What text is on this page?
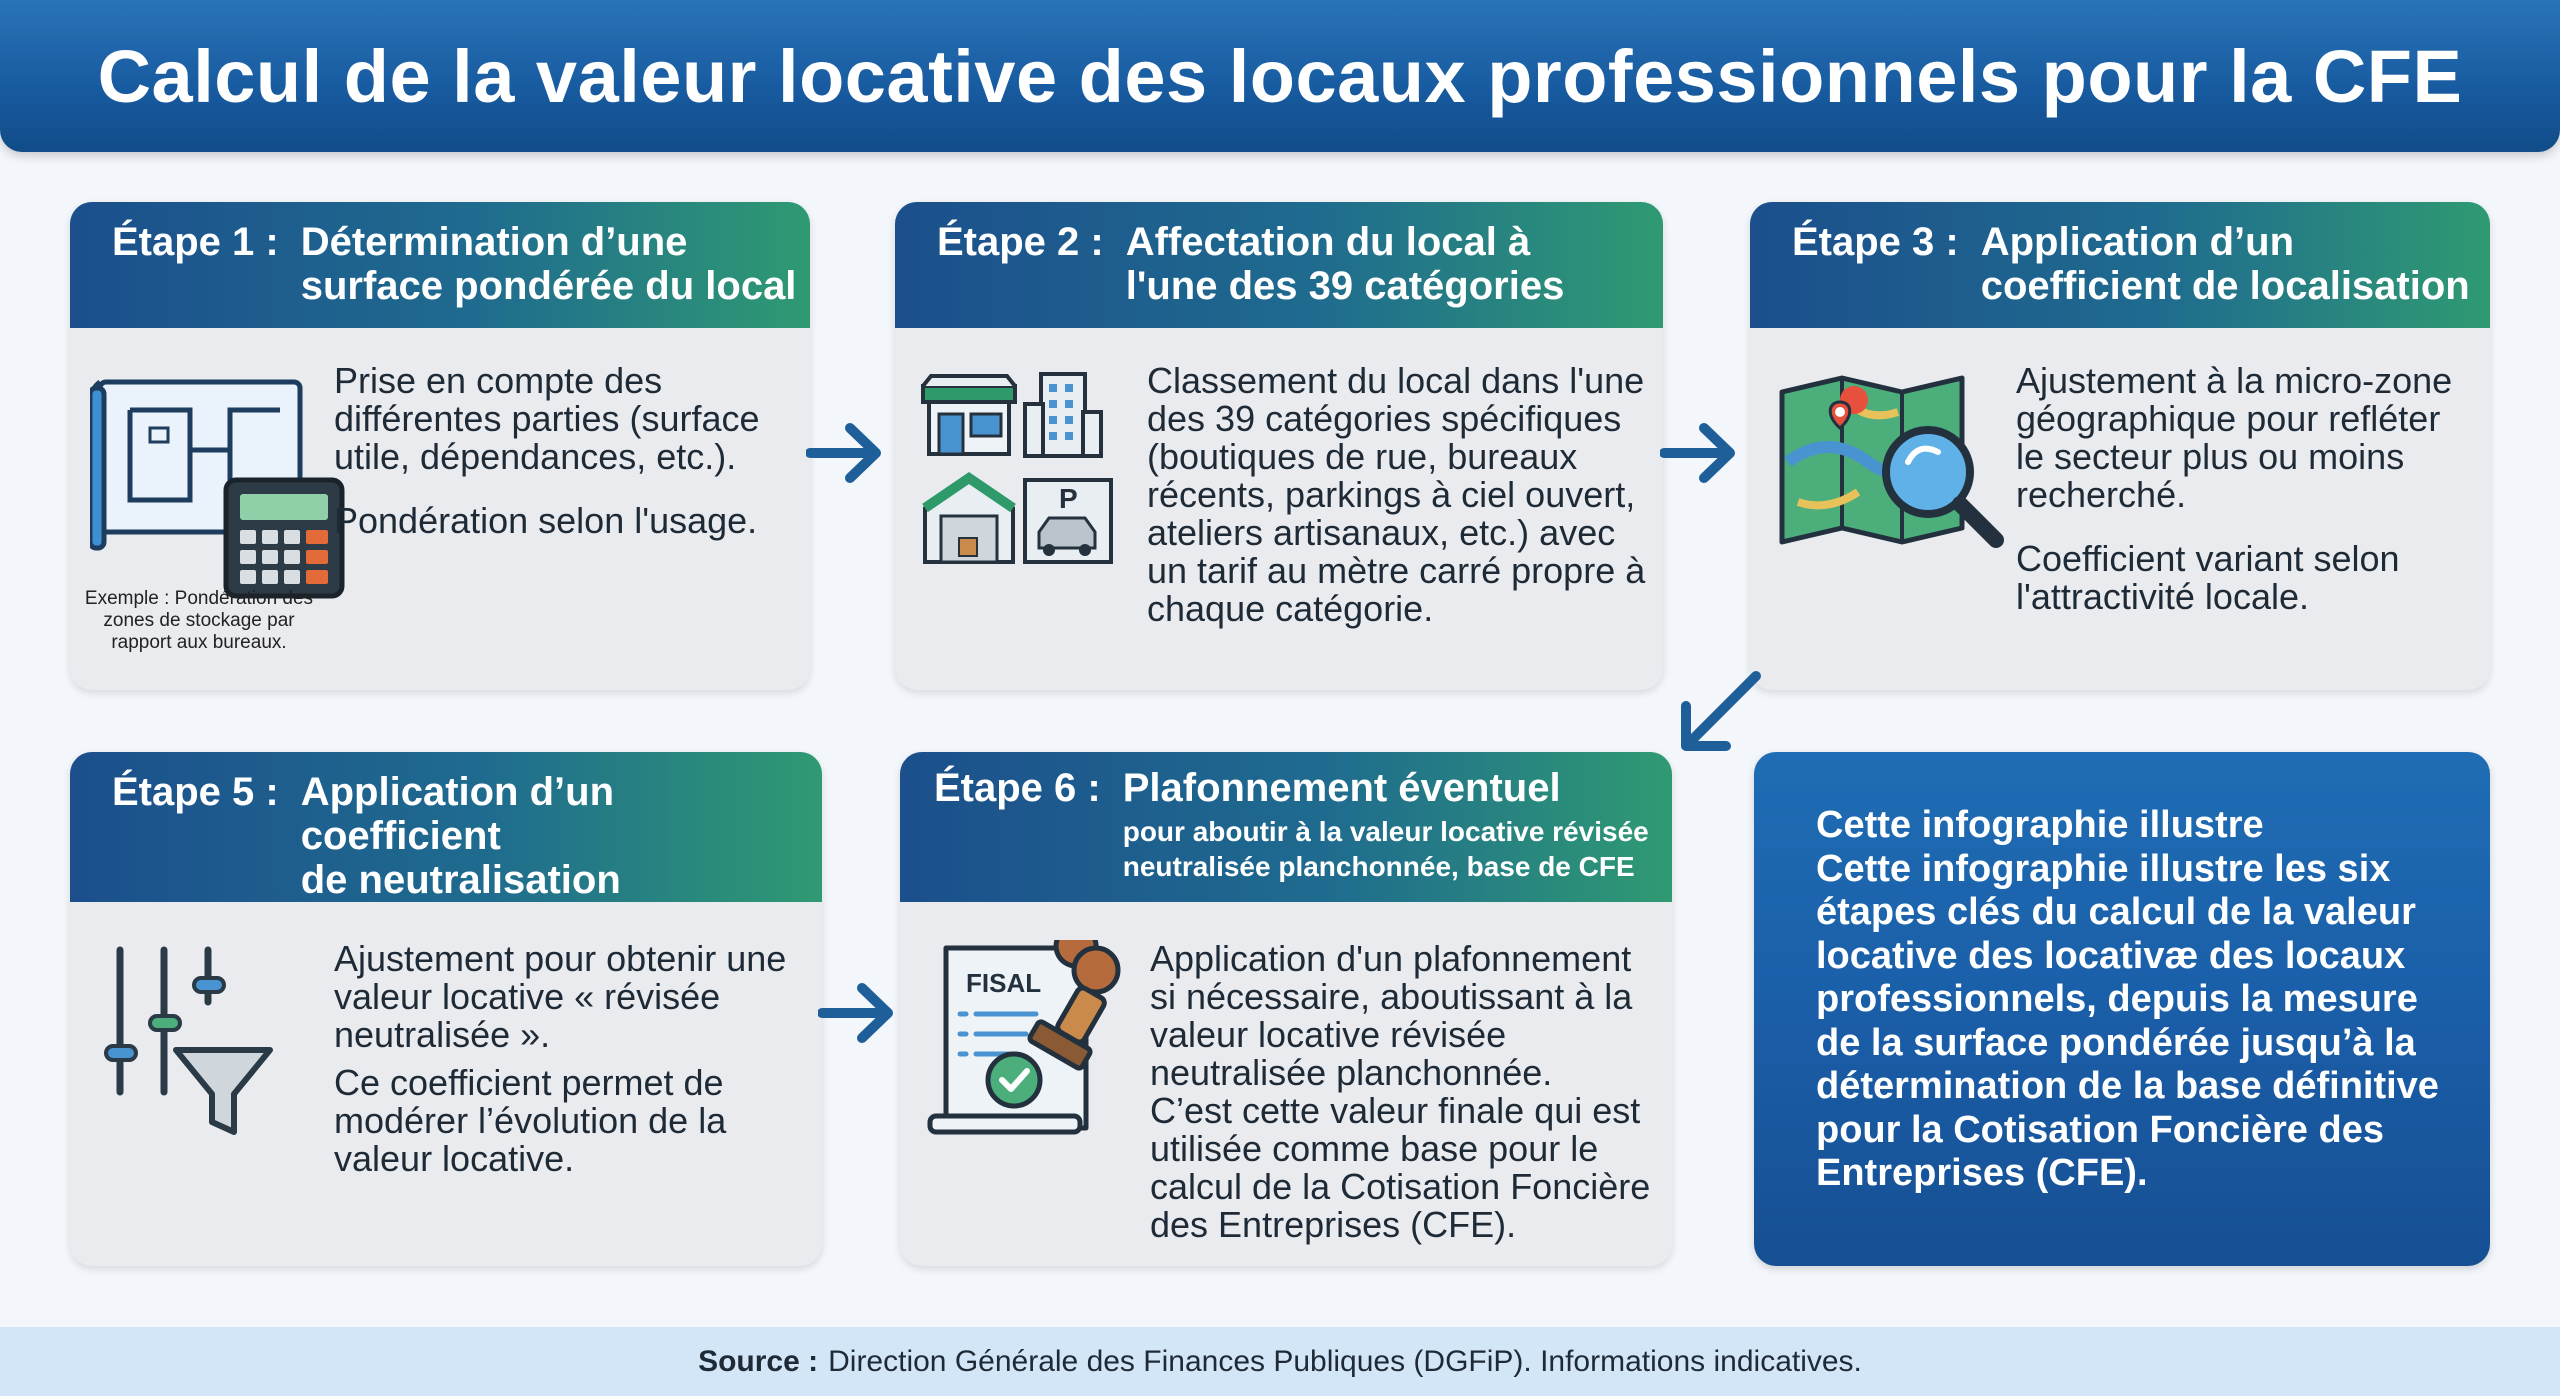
Calcul de la valeur locative des locaux professionnels pour la CFE
Étape 1 : Détermination d’une
surface pondérée du local
Exemple : Pondération des zones de stockage par rapport aux bureaux.

Prise en compte des différentes parties (surface utile, dépendances, etc.).

Pondération selon l'usage.

Étape 2 : Affectation du local à
l'une des 39 catégories
P

Classement du local dans l'une des 39 catégories spécifiques (boutiques de rue, bureaux récents, parkings à ciel ouvert, ateliers artisanaux, etc.) avec un tarif au mètre carré propre à chaque catégorie.

Étape 3 : Application d’un
coefficient de localisation

Ajustement à la micro-zone géographique pour refléter le secteur plus ou moins recherché.

Coefficient variant selon l'attractivité locale.

Étape 5 : Application d’un coefficient
de neutralisation

Ajustement pour obtenir une valeur locative « révisée neutralisée ».

Ce coefficient permet de modérer l’évolution de la valeur locative.

Étape 6 : Plafonnement éventuel
pour aboutir à la valeur locative révisée
neutralisée planchonnée, base de CFE
FISAL

Application d'un plafonnement si nécessaire, aboutissant à la valeur locative révisée neutralisée planchonnée.

C’est cette valeur finale qui est utilisée comme base pour le calcul de la Cotisation Foncière des Entreprises (CFE).

Cette infographie illustre

Cette infographie illustre les six

étapes clés du calcul de la valeur

locative des locativæ des locaux

professionnels, depuis la mesure

de la surface pondérée jusqu’à la

détermination de la base définitive

pour la Cotisation Foncière des

Entreprises (CFE).

Source : Direction Générale des Finances Publiques (DGFiP). Informations indicatives.
